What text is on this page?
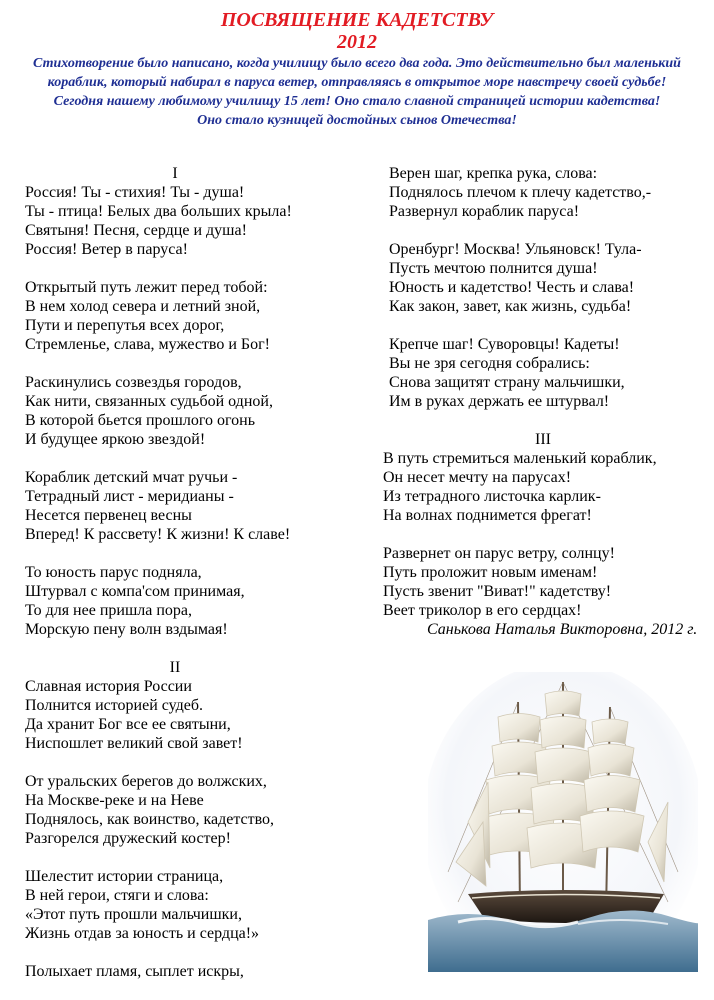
ПОСВЯЩЕНИЕ КАДЕТСТВУ
2012
Стихотворение было написано, когда училищу было всего два года. Это действительно был маленький
кораблик, который набирал в паруса ветер, отправляясь в открытое море навстречу своей судьбе!
Сегодня нашему любимому училищу 15 лет! Оно стало славной страницей истории кадетства!
Оно стало кузницей достойных сынов Отечества!
I
Россия! Ты - стихия! Ты - душа!
Ты - птица! Белых два больших крыла!
Святыня! Песня, сердце и душа!
Россия! Ветер в паруса!
Открытый путь лежит перед тобой:
В нем холод севера и летний зной,
Пути и перепутья всех дорог,
Стремленье, слава, мужество и Бог!
Раскинулись созвездья городов,
Как нити, связанных судьбой одной,
В которой бьется прошлого огонь
И будущее яркою звездой!
Кораблик детский мчат ручьи -
Тетрадный лист - меридианы -
Несется первенец весны
Вперед! К рассвету! К жизни! К славе!
То юность парус подняла,
Штурвал с компа'сом принимая,
То для нее пришла пора,
Морскую пену волн вздымая!
II
Славная история России
Полнится историей судеб.
Да хранит Бог все ее святыни,
Ниспошлет великий свой завет!
От уральских берегов до волжских,
На Москве-реке и на Неве
Поднялось, как воинство, кадетство,
Разгорелся дружеский костер!
Шелестит истории страница,
В ней герои, стяги и слова:
«Этот путь прошли мальчишки,
Жизнь отдав за юность и сердца!»
Полыхает пламя, сыплет искры,
Верен шаг, крепка рука, слова:
Поднялось плечом к плечу кадетство,-
Развернул кораблик паруса!
Оренбург! Москва! Ульяновск! Тула-
Пусть мечтою полнится душа!
Юность и кадетство! Честь и слава!
Как закон, завет, как жизнь, судьба!
Крепче шаг! Суворовцы! Кадеты!
Вы не зря сегодня собрались:
Снова защитят страну мальчишки,
Им в руках держать ее штурвал!
III
В путь стремиться маленький кораблик,
Он несет мечту на парусах!
Из тетрадного листочка карлик-
На волнах поднимется фрегат!
Развернет он парус ветру, солнцу!
Путь проложит новым именам!
Пусть звенит "Виват!" кадетству!
Веет триколор в его сердцах!
Санькова Наталья Викторовна, 2012 г.
